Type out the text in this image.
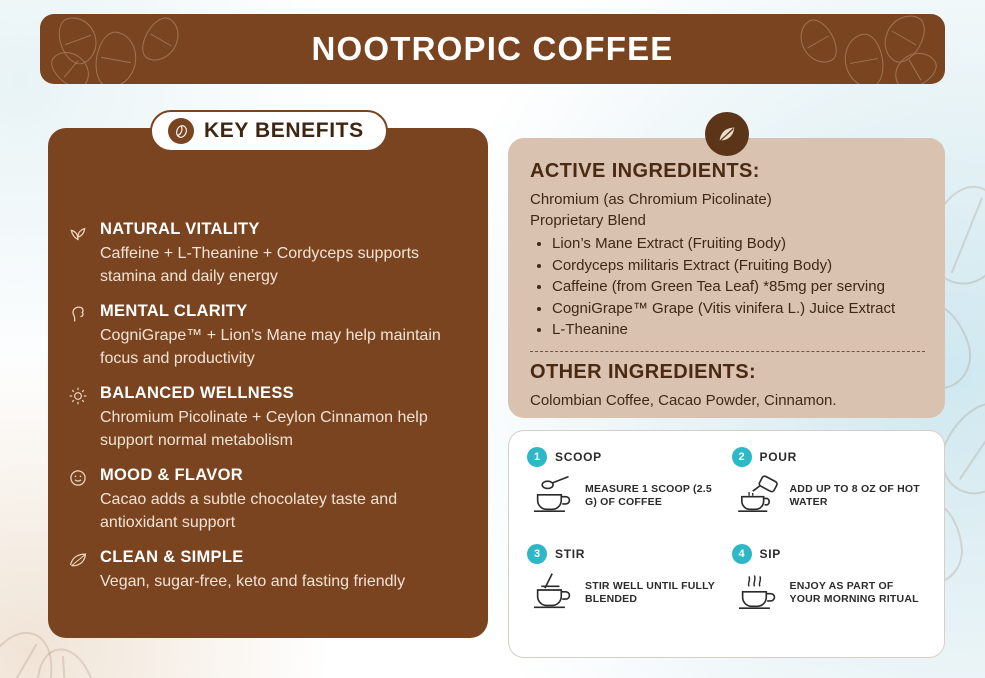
NOOTROPIC COFFEE
KEY BENEFITS
NATURAL VITALITY
Caffeine + L-Theanine + Cordyceps supports stamina and daily energy
MENTAL CLARITY
CogniGrape™ + Lion’s Mane may help maintain focus and productivity
BALANCED WELLNESS
Chromium Picolinate + Ceylon Cinnamon help support normal metabolism
MOOD & FLAVOR
Cacao adds a subtle chocolatey taste and antioxidant support
CLEAN & SIMPLE
Vegan, sugar-free, keto and fasting friendly
ACTIVE INGREDIENTS:
Chromium (as Chromium Picolinate)
Proprietary Blend
• Lion’s Mane Extract (Fruiting Body)
• Cordyceps militaris Extract (Fruiting Body)
• Caffeine (from Green Tea Leaf) *85mg per serving
• CogniGrape™ Grape (Vitis vinifera L.) Juice Extract
• L-Theanine
OTHER INGREDIENTS:
Colombian Coffee, Cacao Powder, Cinnamon.
1	SCOOP
MEASURE 1 SCOOP (2.5 G) OF COFFEE
2	POUR
ADD UP TO 8 OZ OF HOT WATER
3	STIR
STIR WELL UNTIL FULLY BLENDED
4	SIP
ENJOY AS PART OF YOUR MORNING RITUAL
